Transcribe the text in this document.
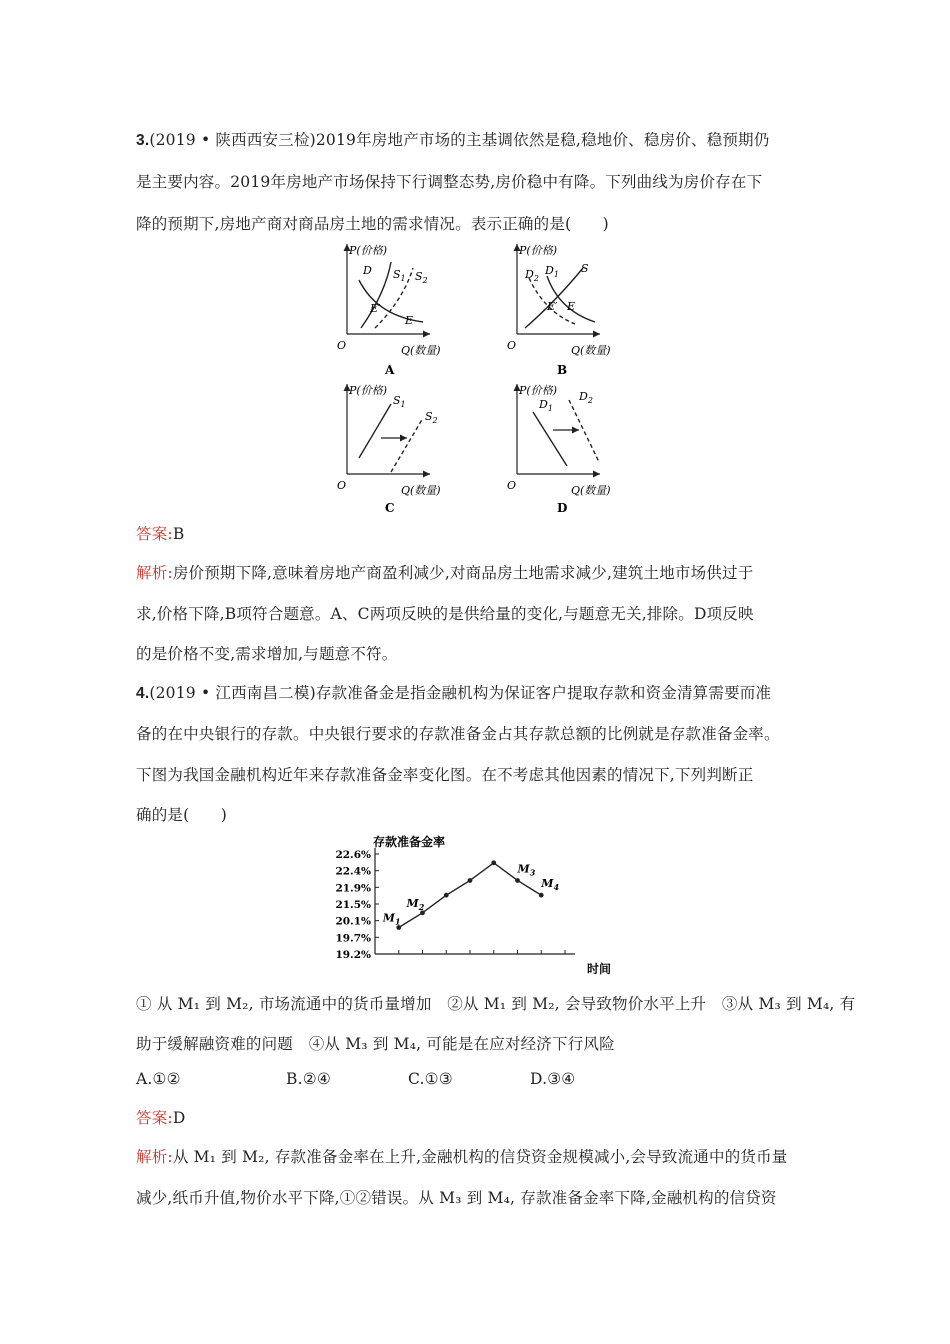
3.(2019 • 陕西西安三检)2019年房地产市场的主基调依然是稳,稳地价、稳房价、稳预期仍
是主要内容。2019年房地产市场保持下行调整态势,房价稳中有降。下列曲线为房价存在下
降的预期下,房地产商对商品房土地的需求情况。表示正确的是(　　)
P(价格)
Q(数量)
O
D $S_1$ $S_2$
E′
E
A
P(价格)
Q(数量)
O
$D_2$
$D_1$ S
E′ E
B
P(价格)
Q(数量)
O
$S_1$
$S_2$
C
P(价格)
Q(数量)
O
$D_1$
$D_2$
D
答案:B
解析:房价预期下降,意味着房地产商盈利减少,对商品房土地需求减少,建筑土地市场供过于
求,价格下降,B项符合题意。A、C两项反映的是供给量的变化,与题意无关,排除。D项反映
的是价格不变,需求增加,与题意不符。
4.(2019 • 江西南昌二模)存款准备金是指金融机构为保证客户提取存款和资金清算需要而准
备的在中央银行的存款。中央银行要求的存款准备金占其存款总额的比例就是存款准备金率。
下图为我国金融机构近年来存款准备金率变化图。在不考虑其他因素的情况下,下列判断正
确的是(　　)
存款准备金率
时间
22.6%
22.4%
21.9%
21.5%
20.1%
19.7%
19.2%
$M_1$
$M_2$
$M_3$
$M_4$
① 从 M₁ 到 M₂, 市场流通中的货币量增加　②从 M₁ 到 M₂, 会导致物价水平上升　③从 M₃ 到 M₄, 有
助于缓解融资难的问题　④从 M₃ 到 M₄, 可能是在应对经济下行风险
A.①②	B.②④	C.①③	D.③④
答案:D
解析:从 M₁ 到 M₂, 存款准备金率在上升,金融机构的信贷资金规模减小,会导致流通中的货币量
减少,纸币升值,物价水平下降,①②错误。从 M₃ 到 M₄, 存款准备金率下降,金融机构的信贷资
